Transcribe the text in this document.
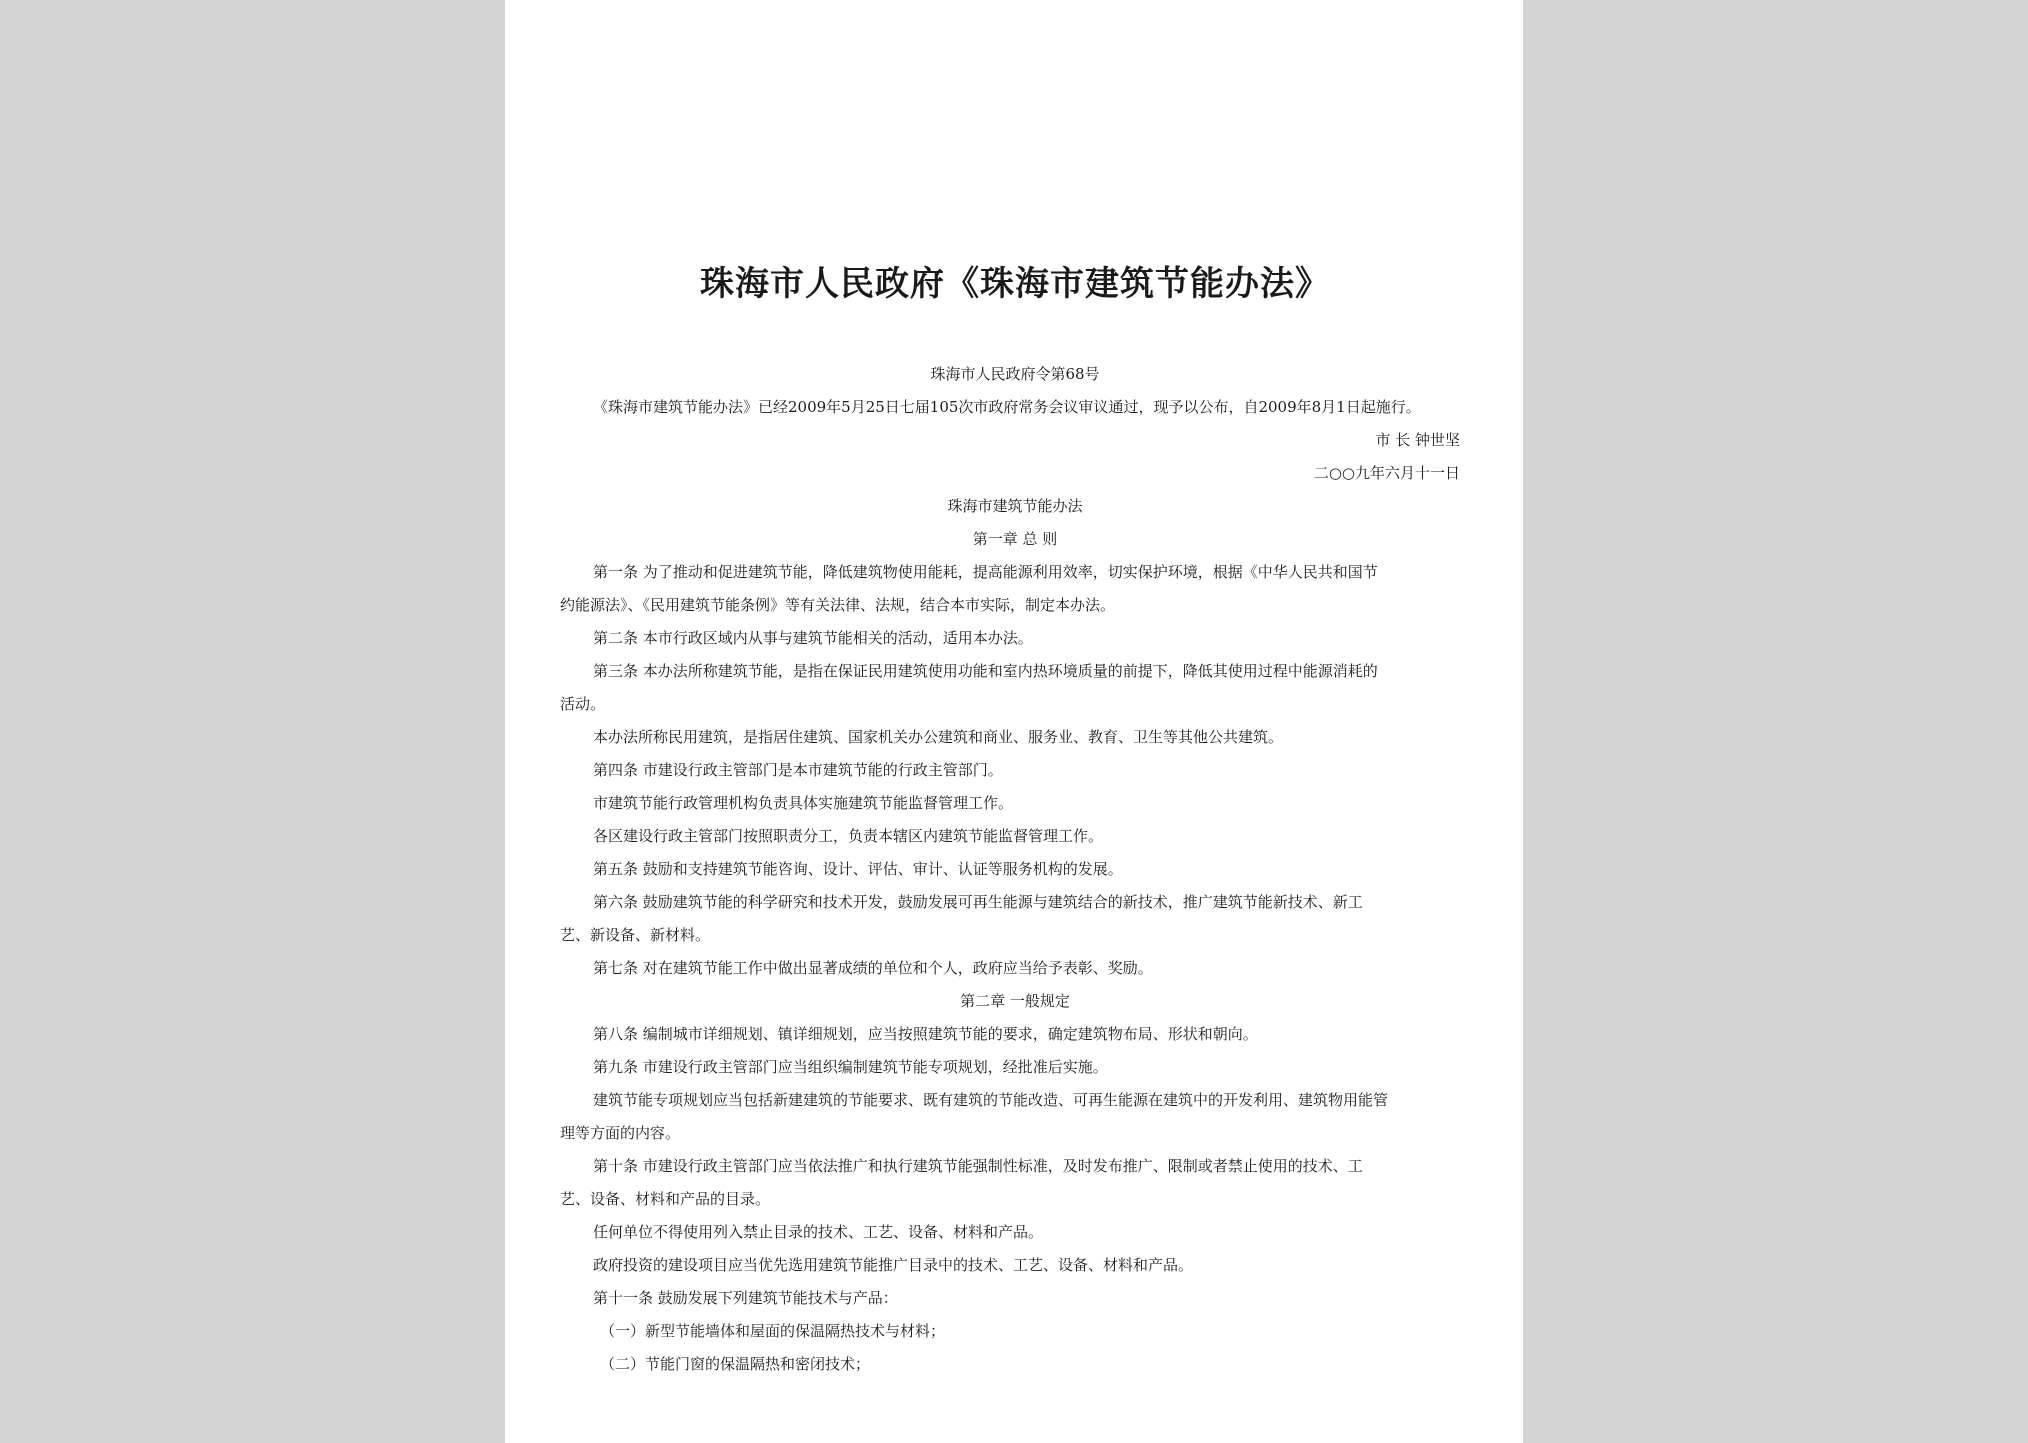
珠海市人民政府《珠海市建筑节能办法》
珠海市人民政府令第68号
《珠海市建筑节能办法》已经2009年5月25日七届105次市政府常务会议审议通过，现予以公布，自2009年8月1日起施行。
市 长 钟世坚
二○○九年六月十一日
珠海市建筑节能办法
第一章 总 则
第一条 为了推动和促进建筑节能，降低建筑物使用能耗，提高能源利用效率，切实保护环境，根据《中华人民共和国节
约能源法》、《民用建筑节能条例》等有关法律、法规，结合本市实际，制定本办法。
第二条 本市行政区域内从事与建筑节能相关的活动，适用本办法。
第三条 本办法所称建筑节能，是指在保证民用建筑使用功能和室内热环境质量的前提下，降低其使用过程中能源消耗的
活动。
本办法所称民用建筑，是指居住建筑、国家机关办公建筑和商业、服务业、教育、卫生等其他公共建筑。
第四条 市建设行政主管部门是本市建筑节能的行政主管部门。
市建筑节能行政管理机构负责具体实施建筑节能监督管理工作。
各区建设行政主管部门按照职责分工，负责本辖区内建筑节能监督管理工作。
第五条 鼓励和支持建筑节能咨询、设计、评估、审计、认证等服务机构的发展。
第六条 鼓励建筑节能的科学研究和技术开发，鼓励发展可再生能源与建筑结合的新技术，推广建筑节能新技术、新工
艺、新设备、新材料。
第七条 对在建筑节能工作中做出显著成绩的单位和个人，政府应当给予表彰、奖励。
第二章 一般规定
第八条 编制城市详细规划、镇详细规划，应当按照建筑节能的要求，确定建筑物布局、形状和朝向。
第九条 市建设行政主管部门应当组织编制建筑节能专项规划，经批准后实施。
建筑节能专项规划应当包括新建建筑的节能要求、既有建筑的节能改造、可再生能源在建筑中的开发利用、建筑物用能管
理等方面的内容。
第十条 市建设行政主管部门应当依法推广和执行建筑节能强制性标准，及时发布推广、限制或者禁止使用的技术、工
艺、设备、材料和产品的目录。
任何单位不得使用列入禁止目录的技术、工艺、设备、材料和产品。
政府投资的建设项目应当优先选用建筑节能推广目录中的技术、工艺、设备、材料和产品。
第十一条 鼓励发展下列建筑节能技术与产品：
（一）新型节能墙体和屋面的保温隔热技术与材料；
（二）节能门窗的保温隔热和密闭技术；
